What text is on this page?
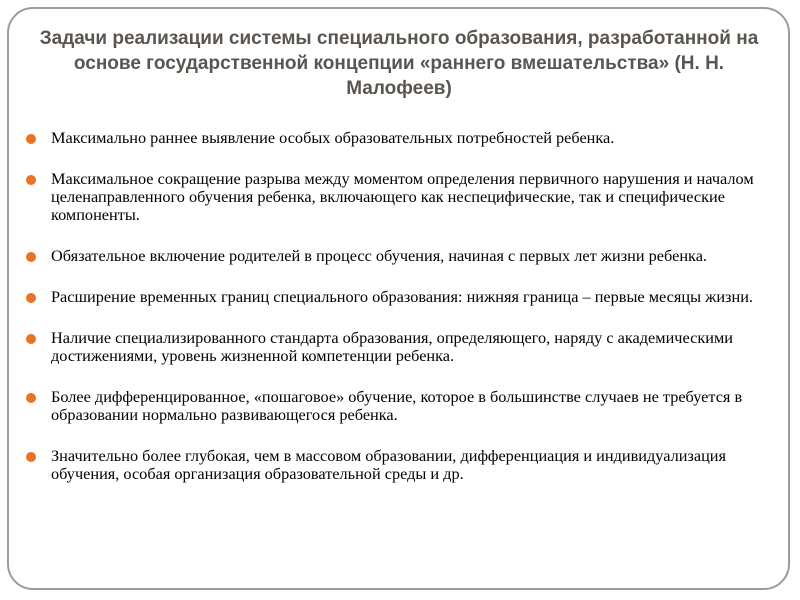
Задачи реализации системы специального образования, разработанной на основе государственной концепции «раннего вмешательства» (Н. Н. Малофеев)
Максимально раннее выявление особых образовательных потребностей ребенка.
Максимальное сокращение разрыва между моментом определения первичного нарушения и началом целенаправленного обучения ребенка, включающего как неспецифические, так и специфические компоненты.
Обязательное включение родителей в процесс обучения, начиная с первых лет жизни ребенка.
Расширение временных границ специального образования: нижняя граница – первые месяцы жизни.
Наличие специализированного стандарта образования, определяющего, наряду с академическими достижениями, уровень жизненной компетенции ребенка.
Более дифференцированное, «пошаговое» обучение, которое в большинстве случаев не требуется в образовании нормально развивающегося ребенка.
Значительно более глубокая, чем в массовом образовании, дифференциация и индивидуализация обучения, особая организация образовательной среды и др.
